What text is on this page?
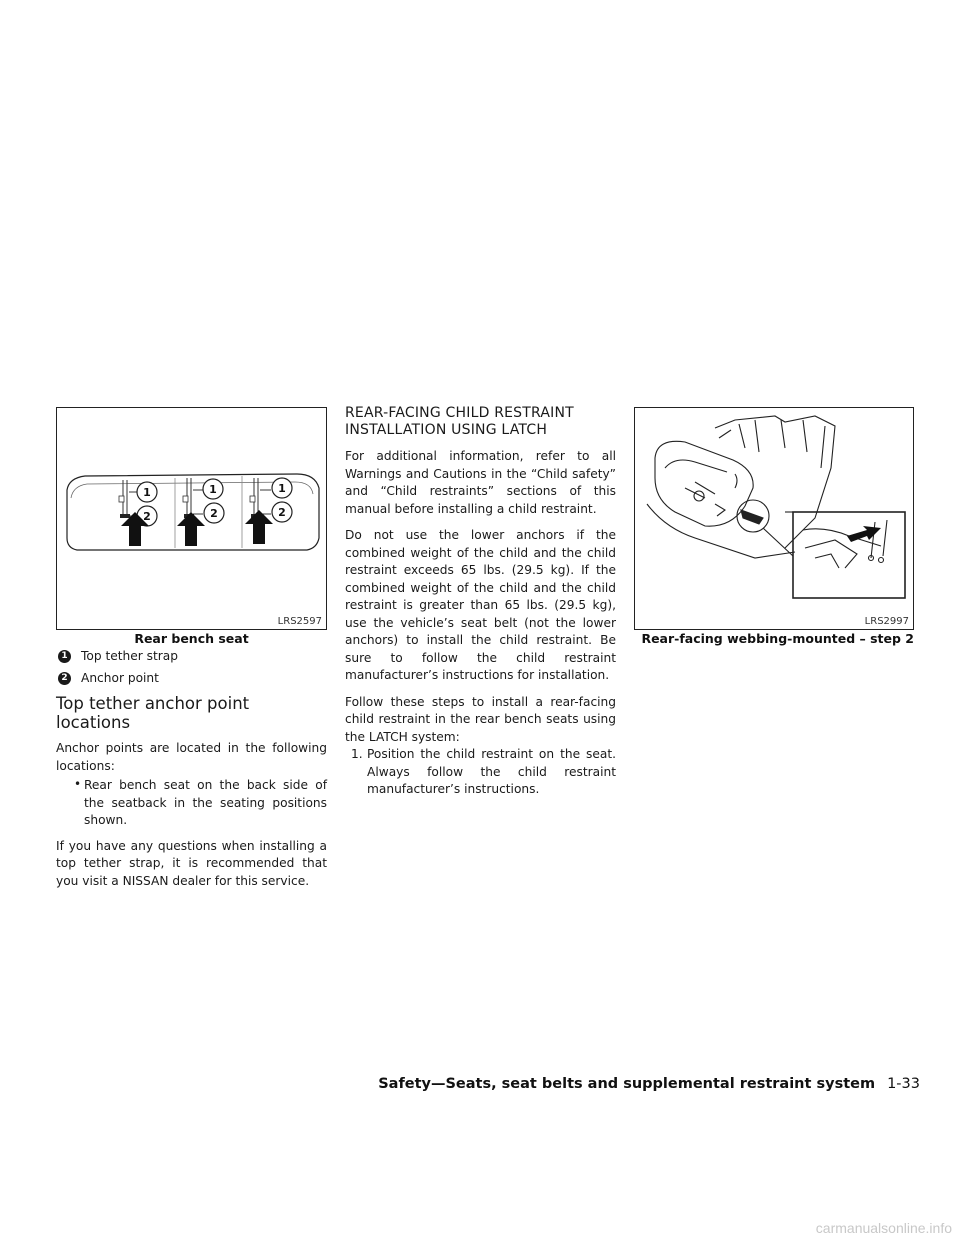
1
2
1
2
1
2
LRS2597
Rear bench seat
1 Top tether strap
2 Anchor point
Top tether anchor point locations

Anchor points are located in the following locations:

• Rear bench seat on the back side of the seatback in the seating positions shown.

If you have any questions when installing a top tether strap, it is recommended that you visit a NISSAN dealer for this service.

REAR-FACING CHILD RESTRAINT
INSTALLATION USING LATCH

For additional information, refer to all Warnings and Cautions in the “Child safety” and “Child restraints” sections of this manual before installing a child restraint.

Do not use the lower anchors if the combined weight of the child and the child restraint exceeds 65 lbs. (29.5 kg). If the combined weight of the child and the child restraint is greater than 65 lbs. (29.5 kg), use the vehicle’s seat belt (not the lower anchors) to install the child restraint. Be sure to follow the child restraint manufacturer’s instructions for installation.

Follow these steps to install a rear-facing child restraint in the rear bench seats using the LATCH system:

1. Position the child restraint on the seat. Always follow the child restraint manufacturer’s instructions.

LRS2997
Rear-facing webbing-mounted – step 2
Safety—Seats, seat belts and supplemental restraint system 1-33
carmanualsonline.info
